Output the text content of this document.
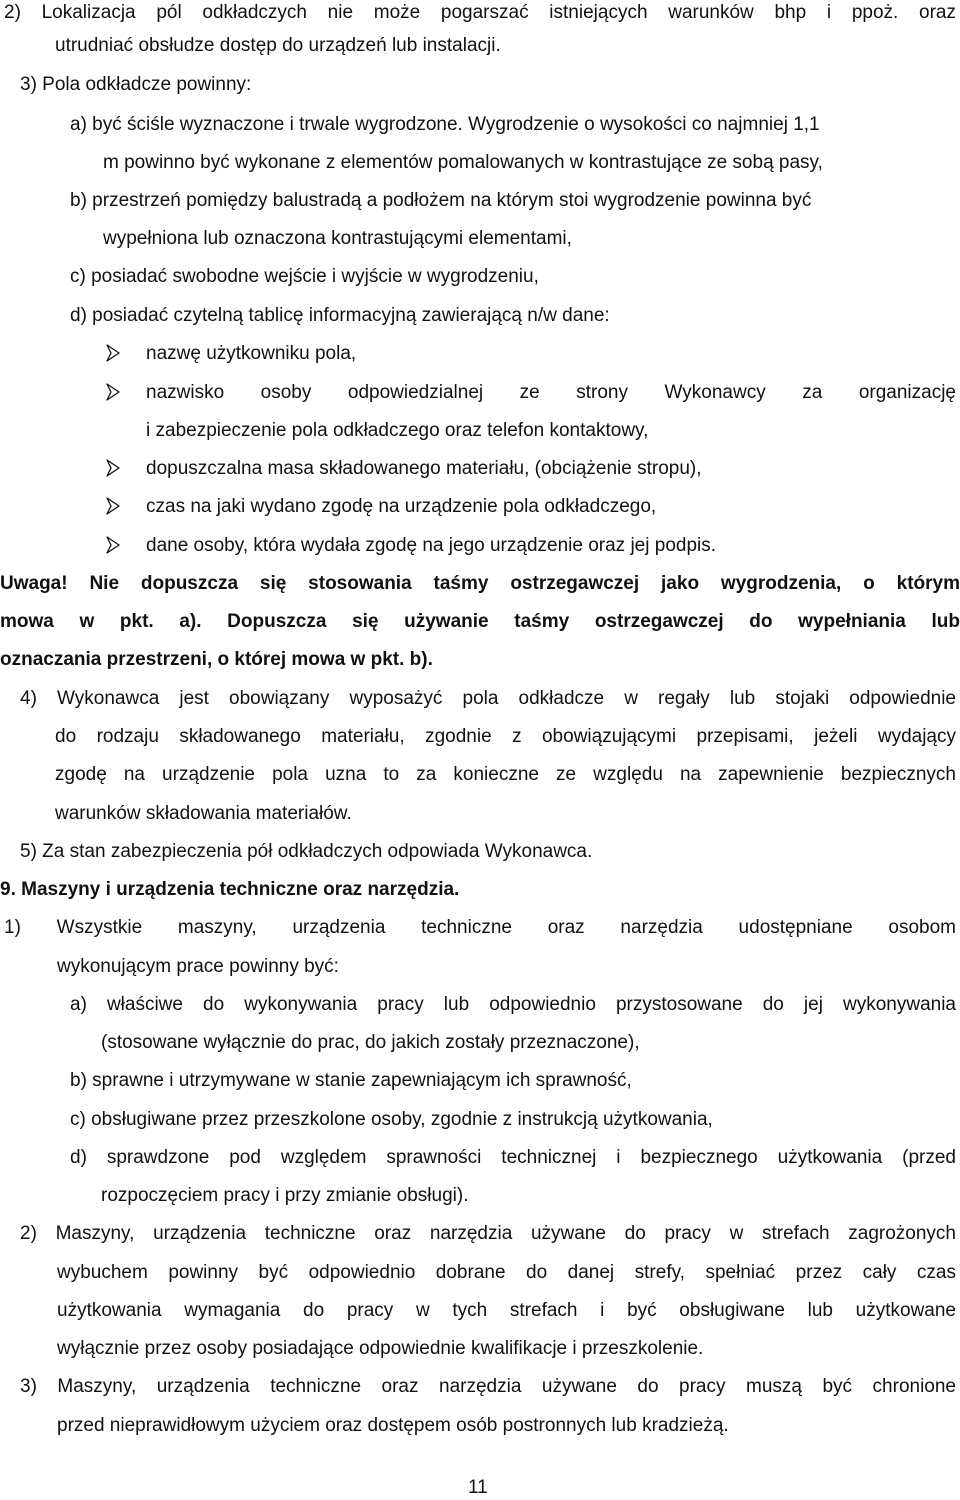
2) Lokalizacja pól odkładczych nie może pogarszać istniejących warunków bhp i ppoż. oraz
utrudniać obsłudze dostęp do urządzeń lub instalacji.
3) Pola odkładcze powinny:
a) być ściśle wyznaczone i trwale wygrodzone. Wygrodzenie o wysokości co najmniej 1,1
m powinno być wykonane z elementów pomalowanych w kontrastujące ze sobą pasy,
b) przestrzeń pomiędzy balustradą a podłożem na którym stoi wygrodzenie powinna być
wypełniona lub oznaczona kontrastującymi elementami,
c) posiadać swobodne wejście i wyjście w wygrodzeniu,
d) posiadać czytelną tablicę informacyjną zawierającą n/w dane:
nazwę użytkowniku pola,
nazwisko osoby odpowiedzialnej ze strony Wykonawcy za organizację
i zabezpieczenie pola odkładczego oraz telefon kontaktowy,
dopuszczalna masa składowanego materiału, (obciążenie stropu),
czas na jaki wydano zgodę na urządzenie pola odkładczego,
dane osoby, która wydała zgodę na jego urządzenie oraz jej podpis.
Uwaga! Nie dopuszcza się stosowania taśmy ostrzegawczej jako wygrodzenia, o którym
mowa w pkt. a). Dopuszcza się używanie taśmy ostrzegawczej do wypełniania lub
oznaczania przestrzeni, o której mowa w pkt. b).
4) Wykonawca jest obowiązany wyposażyć pola odkładcze w regały lub stojaki odpowiednie
do rodzaju składowanego materiału, zgodnie z obowiązującymi przepisami, jeżeli wydający
zgodę na urządzenie pola uzna to za konieczne ze względu na zapewnienie bezpiecznych
warunków składowania materiałów.
5) Za stan zabezpieczenia pół odkładczych odpowiada Wykonawca.
9. Maszyny i urządzenia techniczne oraz narzędzia.
1) Wszystkie maszyny, urządzenia techniczne oraz narzędzia udostępniane osobom
wykonującym prace powinny być:
a) właściwe do wykonywania pracy lub odpowiednio przystosowane do jej wykonywania
(stosowane wyłącznie do prac, do jakich zostały przeznaczone),
b) sprawne i utrzymywane w stanie zapewniającym ich sprawność,
c) obsługiwane przez przeszkolone osoby, zgodnie z instrukcją użytkowania,
d) sprawdzone pod względem sprawności technicznej i bezpiecznego użytkowania (przed
rozpoczęciem pracy i przy zmianie obsługi).
2) Maszyny, urządzenia techniczne oraz narzędzia używane do pracy w strefach zagrożonych
wybuchem powinny być odpowiednio dobrane do danej strefy, spełniać przez cały czas
użytkowania wymagania do pracy w tych strefach i być obsługiwane lub użytkowane
wyłącznie przez osoby posiadające odpowiednie kwalifikacje i przeszkolenie.
3) Maszyny, urządzenia techniczne oraz narzędzia używane do pracy muszą być chronione
przed nieprawidłowym użyciem oraz dostępem osób postronnych lub kradzieżą.
11
